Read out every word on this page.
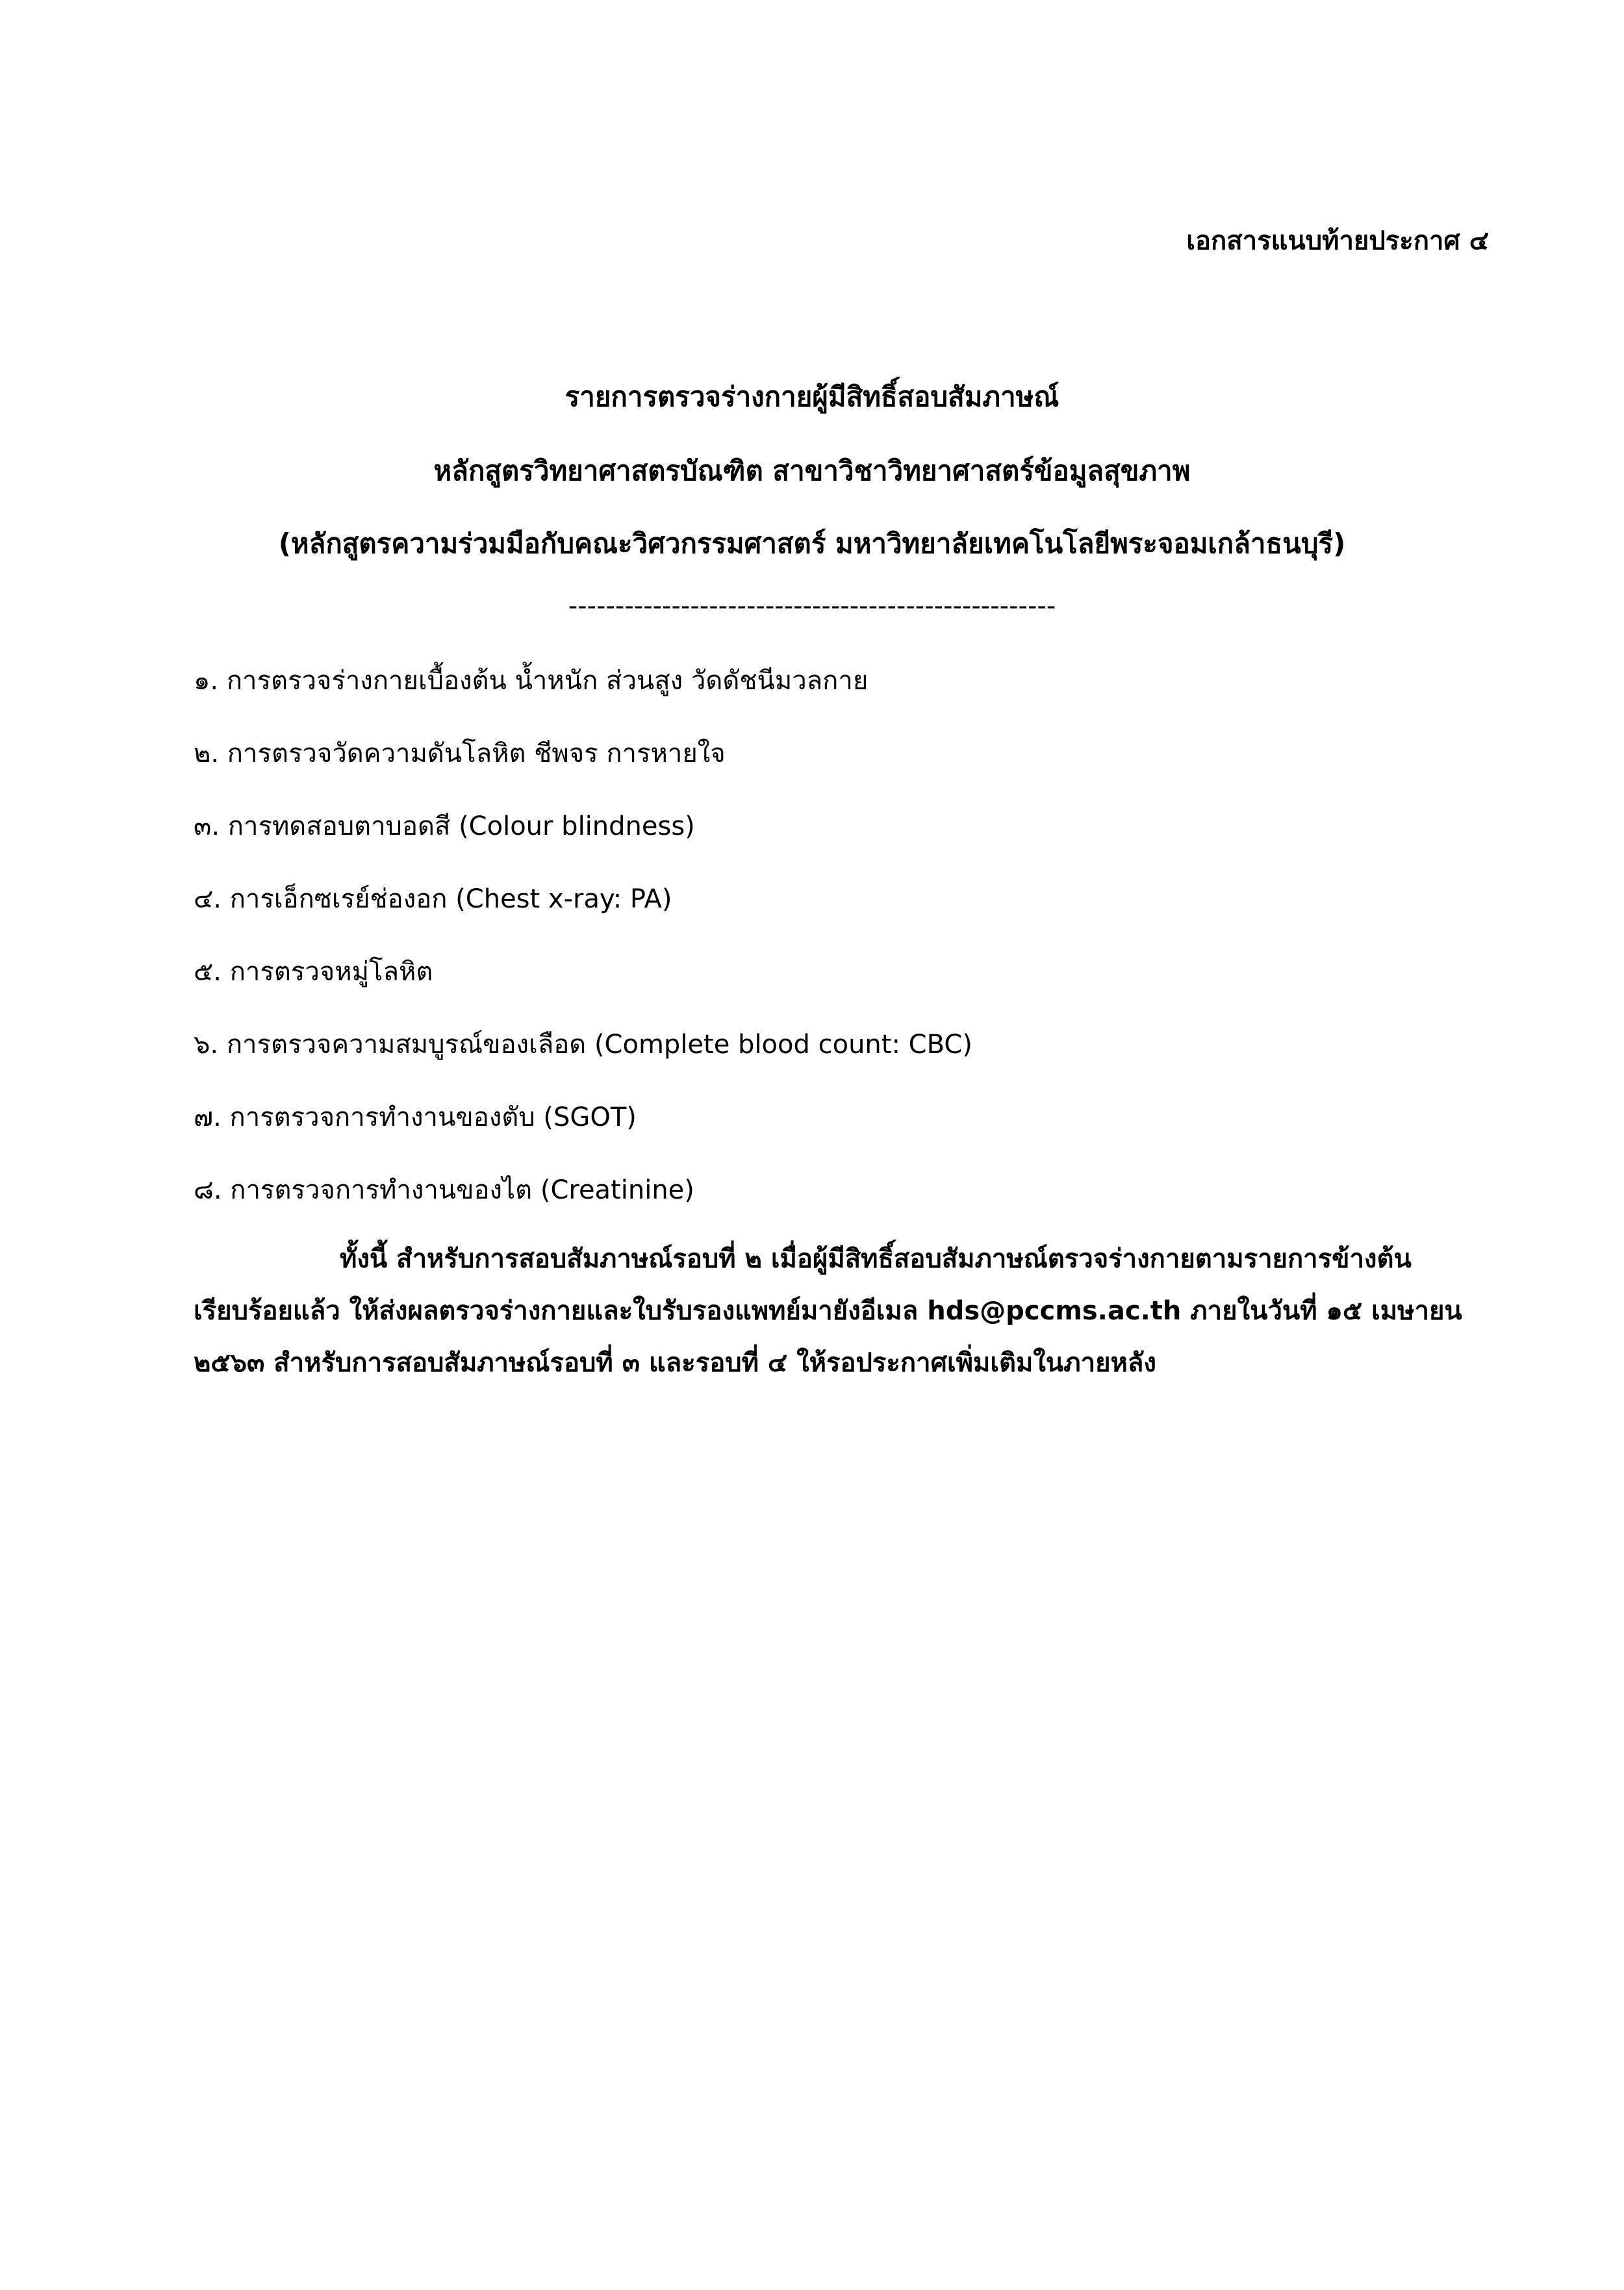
เอกสารแนบท้ายประกาศ ๔
รายการตรวจร่างกายผู้มีสิทธิ์สอบสัมภาษณ์
หลักสูตรวิทยาศาสตรบัณฑิต สาขาวิชาวิทยาศาสตร์ข้อมูลสุขภาพ
(หลักสูตรความร่วมมือกับคณะวิศวกรรมศาสตร์ มหาวิทยาลัยเทคโนโลยีพระจอมเกล้าธนบุรี)
----------------------------------------------------
๑. การตรวจร่างกายเบื้องต้น น้ำหนัก ส่วนสูง วัดดัชนีมวลกาย
๒. การตรวจวัดความดันโลหิต ชีพจร การหายใจ
๓. การทดสอบตาบอดสี (Colour blindness)
๔. การเอ็กซเรย์ช่องอก (Chest x-ray: PA)
๕. การตรวจหมู่โลหิต
๖. การตรวจความสมบูรณ์ของเลือด (Complete blood count: CBC)
๗. การตรวจการทำงานของตับ (SGOT)
๘. การตรวจการทำงานของไต (Creatinine)
ทั้งนี้ สำหรับการสอบสัมภาษณ์รอบที่ ๒ เมื่อผู้มีสิทธิ์สอบสัมภาษณ์ตรวจร่างกายตามรายการข้างต้น
เรียบร้อยแล้ว ให้ส่งผลตรวจร่างกายและใบรับรองแพทย์มายังอีเมล hds@pccms.ac.th ภายในวันที่ ๑๕ เมษายน
๒๕๖๓ สำหรับการสอบสัมภาษณ์รอบที่ ๓ และรอบที่ ๔ ให้รอประกาศเพิ่มเติมในภายหลัง
